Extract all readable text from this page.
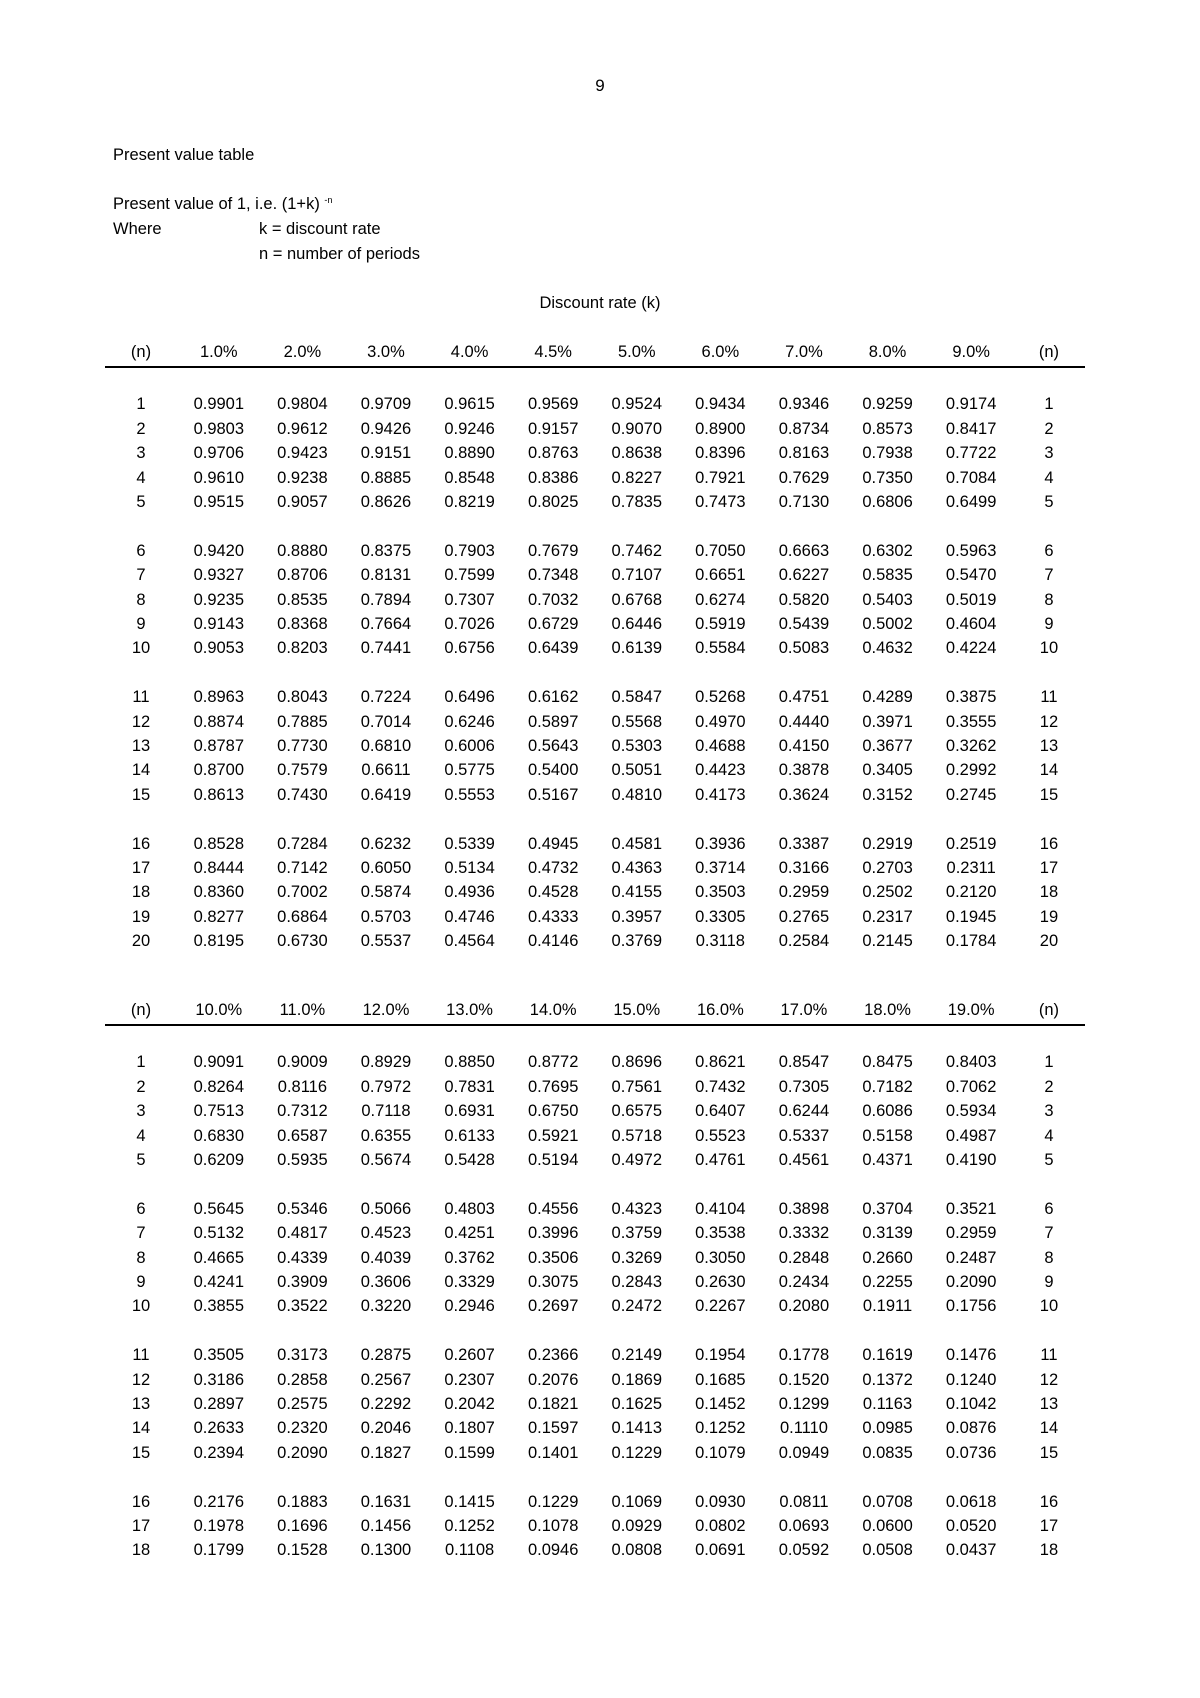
9
Present value table
Present value of 1, i.e. (1+k) $^{-n}$
Where	k = discount rate
n = number of periods
Discount rate (k)
(n)	1.0%	2.0%	3.0%	4.0%	4.5%	5.0%	6.0%	7.0%	8.0%	9.0%	(n)

1	0.9901	0.9804	0.9709	0.9615	0.9569	0.9524	0.9434	0.9346	0.9259	0.9174	1
2	0.9803	0.9612	0.9426	0.9246	0.9157	0.9070	0.8900	0.8734	0.8573	0.8417	2
3	0.9706	0.9423	0.9151	0.8890	0.8763	0.8638	0.8396	0.8163	0.7938	0.7722	3
4	0.9610	0.9238	0.8885	0.8548	0.8386	0.8227	0.7921	0.7629	0.7350	0.7084	4
5	0.9515	0.9057	0.8626	0.8219	0.8025	0.7835	0.7473	0.7130	0.6806	0.6499	5

6	0.9420	0.8880	0.8375	0.7903	0.7679	0.7462	0.7050	0.6663	0.6302	0.5963	6
7	0.9327	0.8706	0.8131	0.7599	0.7348	0.7107	0.6651	0.6227	0.5835	0.5470	7
8	0.9235	0.8535	0.7894	0.7307	0.7032	0.6768	0.6274	0.5820	0.5403	0.5019	8
9	0.9143	0.8368	0.7664	0.7026	0.6729	0.6446	0.5919	0.5439	0.5002	0.4604	9
10	0.9053	0.8203	0.7441	0.6756	0.6439	0.6139	0.5584	0.5083	0.4632	0.4224	10

11	0.8963	0.8043	0.7224	0.6496	0.6162	0.5847	0.5268	0.4751	0.4289	0.3875	11
12	0.8874	0.7885	0.7014	0.6246	0.5897	0.5568	0.4970	0.4440	0.3971	0.3555	12
13	0.8787	0.7730	0.6810	0.6006	0.5643	0.5303	0.4688	0.4150	0.3677	0.3262	13
14	0.8700	0.7579	0.6611	0.5775	0.5400	0.5051	0.4423	0.3878	0.3405	0.2992	14
15	0.8613	0.7430	0.6419	0.5553	0.5167	0.4810	0.4173	0.3624	0.3152	0.2745	15

16	0.8528	0.7284	0.6232	0.5339	0.4945	0.4581	0.3936	0.3387	0.2919	0.2519	16
17	0.8444	0.7142	0.6050	0.5134	0.4732	0.4363	0.3714	0.3166	0.2703	0.2311	17
18	0.8360	0.7002	0.5874	0.4936	0.4528	0.4155	0.3503	0.2959	0.2502	0.2120	18
19	0.8277	0.6864	0.5703	0.4746	0.4333	0.3957	0.3305	0.2765	0.2317	0.1945	19
20	0.8195	0.6730	0.5537	0.4564	0.4146	0.3769	0.3118	0.2584	0.2145	0.1784	20
(n)	10.0%	11.0%	12.0%	13.0%	14.0%	15.0%	16.0%	17.0%	18.0%	19.0%	(n)

1	0.9091	0.9009	0.8929	0.8850	0.8772	0.8696	0.8621	0.8547	0.8475	0.8403	1
2	0.8264	0.8116	0.7972	0.7831	0.7695	0.7561	0.7432	0.7305	0.7182	0.7062	2
3	0.7513	0.7312	0.7118	0.6931	0.6750	0.6575	0.6407	0.6244	0.6086	0.5934	3
4	0.6830	0.6587	0.6355	0.6133	0.5921	0.5718	0.5523	0.5337	0.5158	0.4987	4
5	0.6209	0.5935	0.5674	0.5428	0.5194	0.4972	0.4761	0.4561	0.4371	0.4190	5

6	0.5645	0.5346	0.5066	0.4803	0.4556	0.4323	0.4104	0.3898	0.3704	0.3521	6
7	0.5132	0.4817	0.4523	0.4251	0.3996	0.3759	0.3538	0.3332	0.3139	0.2959	7
8	0.4665	0.4339	0.4039	0.3762	0.3506	0.3269	0.3050	0.2848	0.2660	0.2487	8
9	0.4241	0.3909	0.3606	0.3329	0.3075	0.2843	0.2630	0.2434	0.2255	0.2090	9
10	0.3855	0.3522	0.3220	0.2946	0.2697	0.2472	0.2267	0.2080	0.1911	0.1756	10

11	0.3505	0.3173	0.2875	0.2607	0.2366	0.2149	0.1954	0.1778	0.1619	0.1476	11
12	0.3186	0.2858	0.2567	0.2307	0.2076	0.1869	0.1685	0.1520	0.1372	0.1240	12
13	0.2897	0.2575	0.2292	0.2042	0.1821	0.1625	0.1452	0.1299	0.1163	0.1042	13
14	0.2633	0.2320	0.2046	0.1807	0.1597	0.1413	0.1252	0.1110	0.0985	0.0876	14
15	0.2394	0.2090	0.1827	0.1599	0.1401	0.1229	0.1079	0.0949	0.0835	0.0736	15

16	0.2176	0.1883	0.1631	0.1415	0.1229	0.1069	0.0930	0.0811	0.0708	0.0618	16
17	0.1978	0.1696	0.1456	0.1252	0.1078	0.0929	0.0802	0.0693	0.0600	0.0520	17
18	0.1799	0.1528	0.1300	0.1108	0.0946	0.0808	0.0691	0.0592	0.0508	0.0437	18
